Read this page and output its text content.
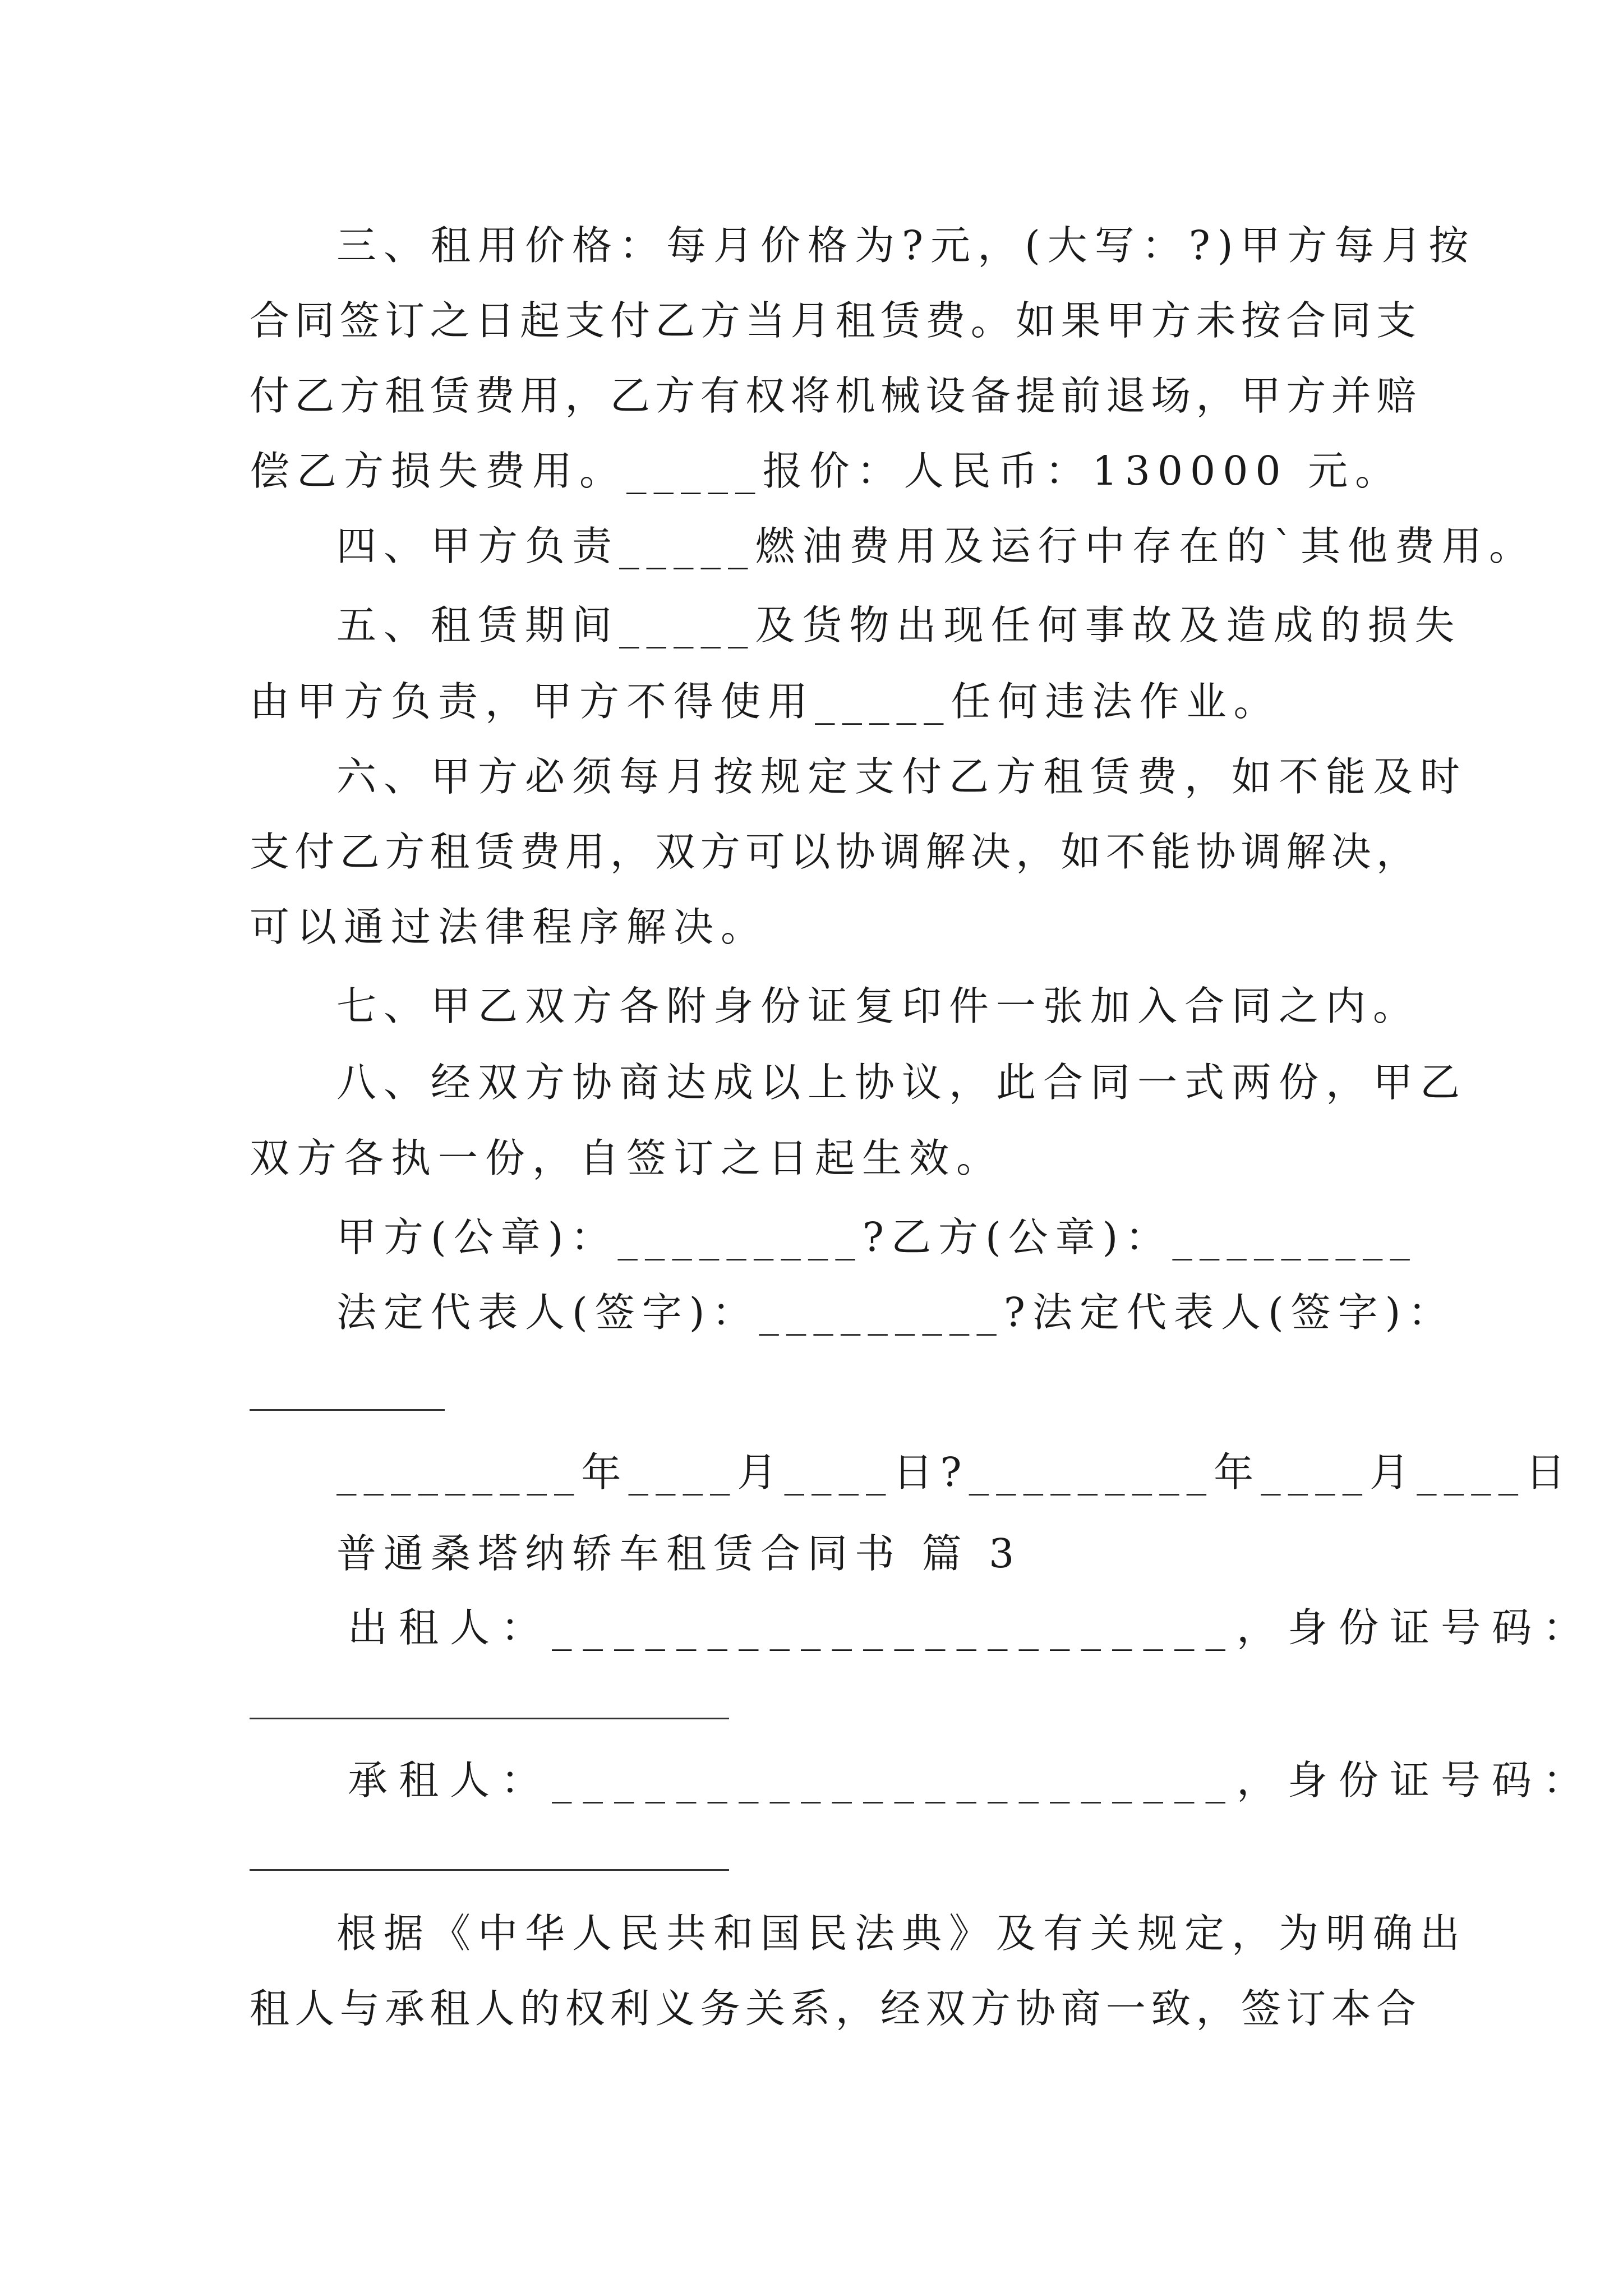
三、租用价格：每月价格为?元，(大写：?)甲方每月按
合同签订之日起支付乙方当月租赁费。如果甲方未按合同支
付乙方租赁费用，乙方有权将机械设备提前退场，甲方并赔
偿乙方损失费用。_____报价：人民币：130000 元。
四、甲方负责_____燃油费用及运行中存在的`其他费用。
五、租赁期间_____及货物出现任何事故及造成的损失
由甲方负责，甲方不得使用_____任何违法作业。
六、甲方必须每月按规定支付乙方租赁费，如不能及时
支付乙方租赁费用，双方可以协调解决，如不能协调解决，
可以通过法律程序解决。
七、甲乙双方各附身份证复印件一张加入合同之内。
八、经双方协商达成以上协议，此合同一式两份，甲乙
双方各执一份，自签订之日起生效。
甲方(公章)：_________?乙方(公章)：_________
法定代表人(签字)：_________?法定代表人(签字)：
_________年____月____日?_________年____月____日
普通桑塔纳轿车租赁合同书 篇 3
出租人：______________________，身份证号码：
承租人：______________________，身份证号码：
根据《中华人民共和国民法典》及有关规定，为明确出
租人与承租人的权利义务关系，经双方协商一致，签订本合
